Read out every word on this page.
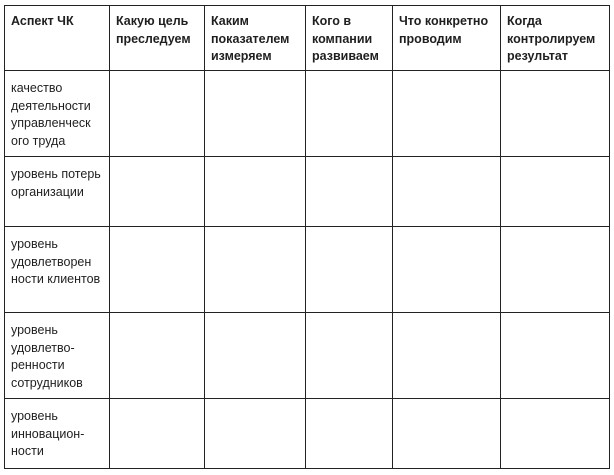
Аспект ЧК	Какую цель преследуем	Каким показателем измеряем	Кого в компании развиваем	Что конкретно проводим	Когда контролируем результат
качество деятельности управленческ ого труда					
уровень потерь организации					
уровень удовлетворен ности клиентов					
уровень удовлетво-ренности сотрудников					
уровень инновацион-ности					
